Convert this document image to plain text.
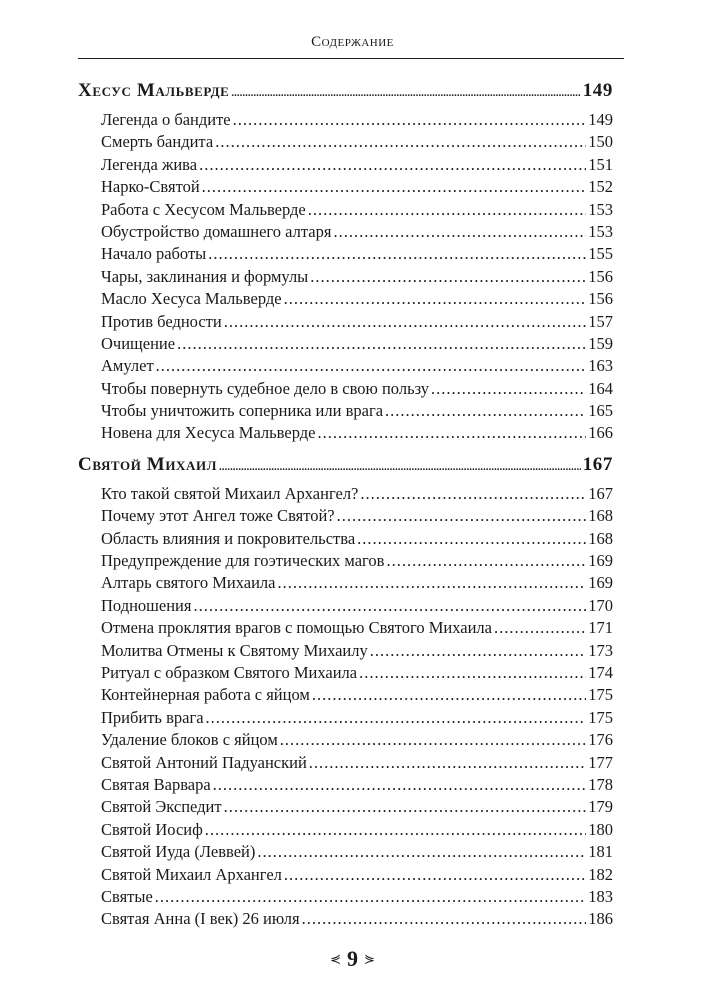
Содержание
Хесус Мальверде .....	149
Легенда о бандите .....	149
Смерть бандита .....	150
Легенда жива .....	151
Нарко-Святой .....	152
Работа с Хесусом Мальверде .....	153
Обустройство домашнего алтаря .....	153
Начало работы .....	155
Чары, заклинания и формулы .....	156
Масло Хесуса Мальверде .....	156
Против бедности .....	157
Очищение .....	159
Амулет .....	163
Чтобы повернуть судебное дело в свою пользу .....	164
Чтобы уничтожить соперника или врага .....	165
Новена для Хесуса Мальверде .....	166
Святой Михаил .....	167
Кто такой святой Михаил Архангел? .....	167
Почему этот Ангел тоже Святой? .....	168
Область влияния и покровительства .....	168
Предупреждение для гоэтических магов .....	169
Алтарь святого Михаила .....	169
Подношения .....	170
Отмена проклятия врагов с помощью Святого Михаила .....	171
Молитва Отмены к Святому Михаилу .....	173
Ритуал с образком Святого Михаила .....	174
Контейнерная работа с яйцом .....	175
Прибить врага .....	175
Удаление блоков с яйцом .....	176
Святой Антоний Падуанский .....	177
Святая Варвара .....	178
Святой Экспедит .....	179
Святой Иосиф .....	180
Святой Иуда (Леввей) .....	181
Святой Михаил Архангел .....	182
Святые .....	183
Святая Анна (I век) 26 июля .....	186
⋞ 9 ⋟
